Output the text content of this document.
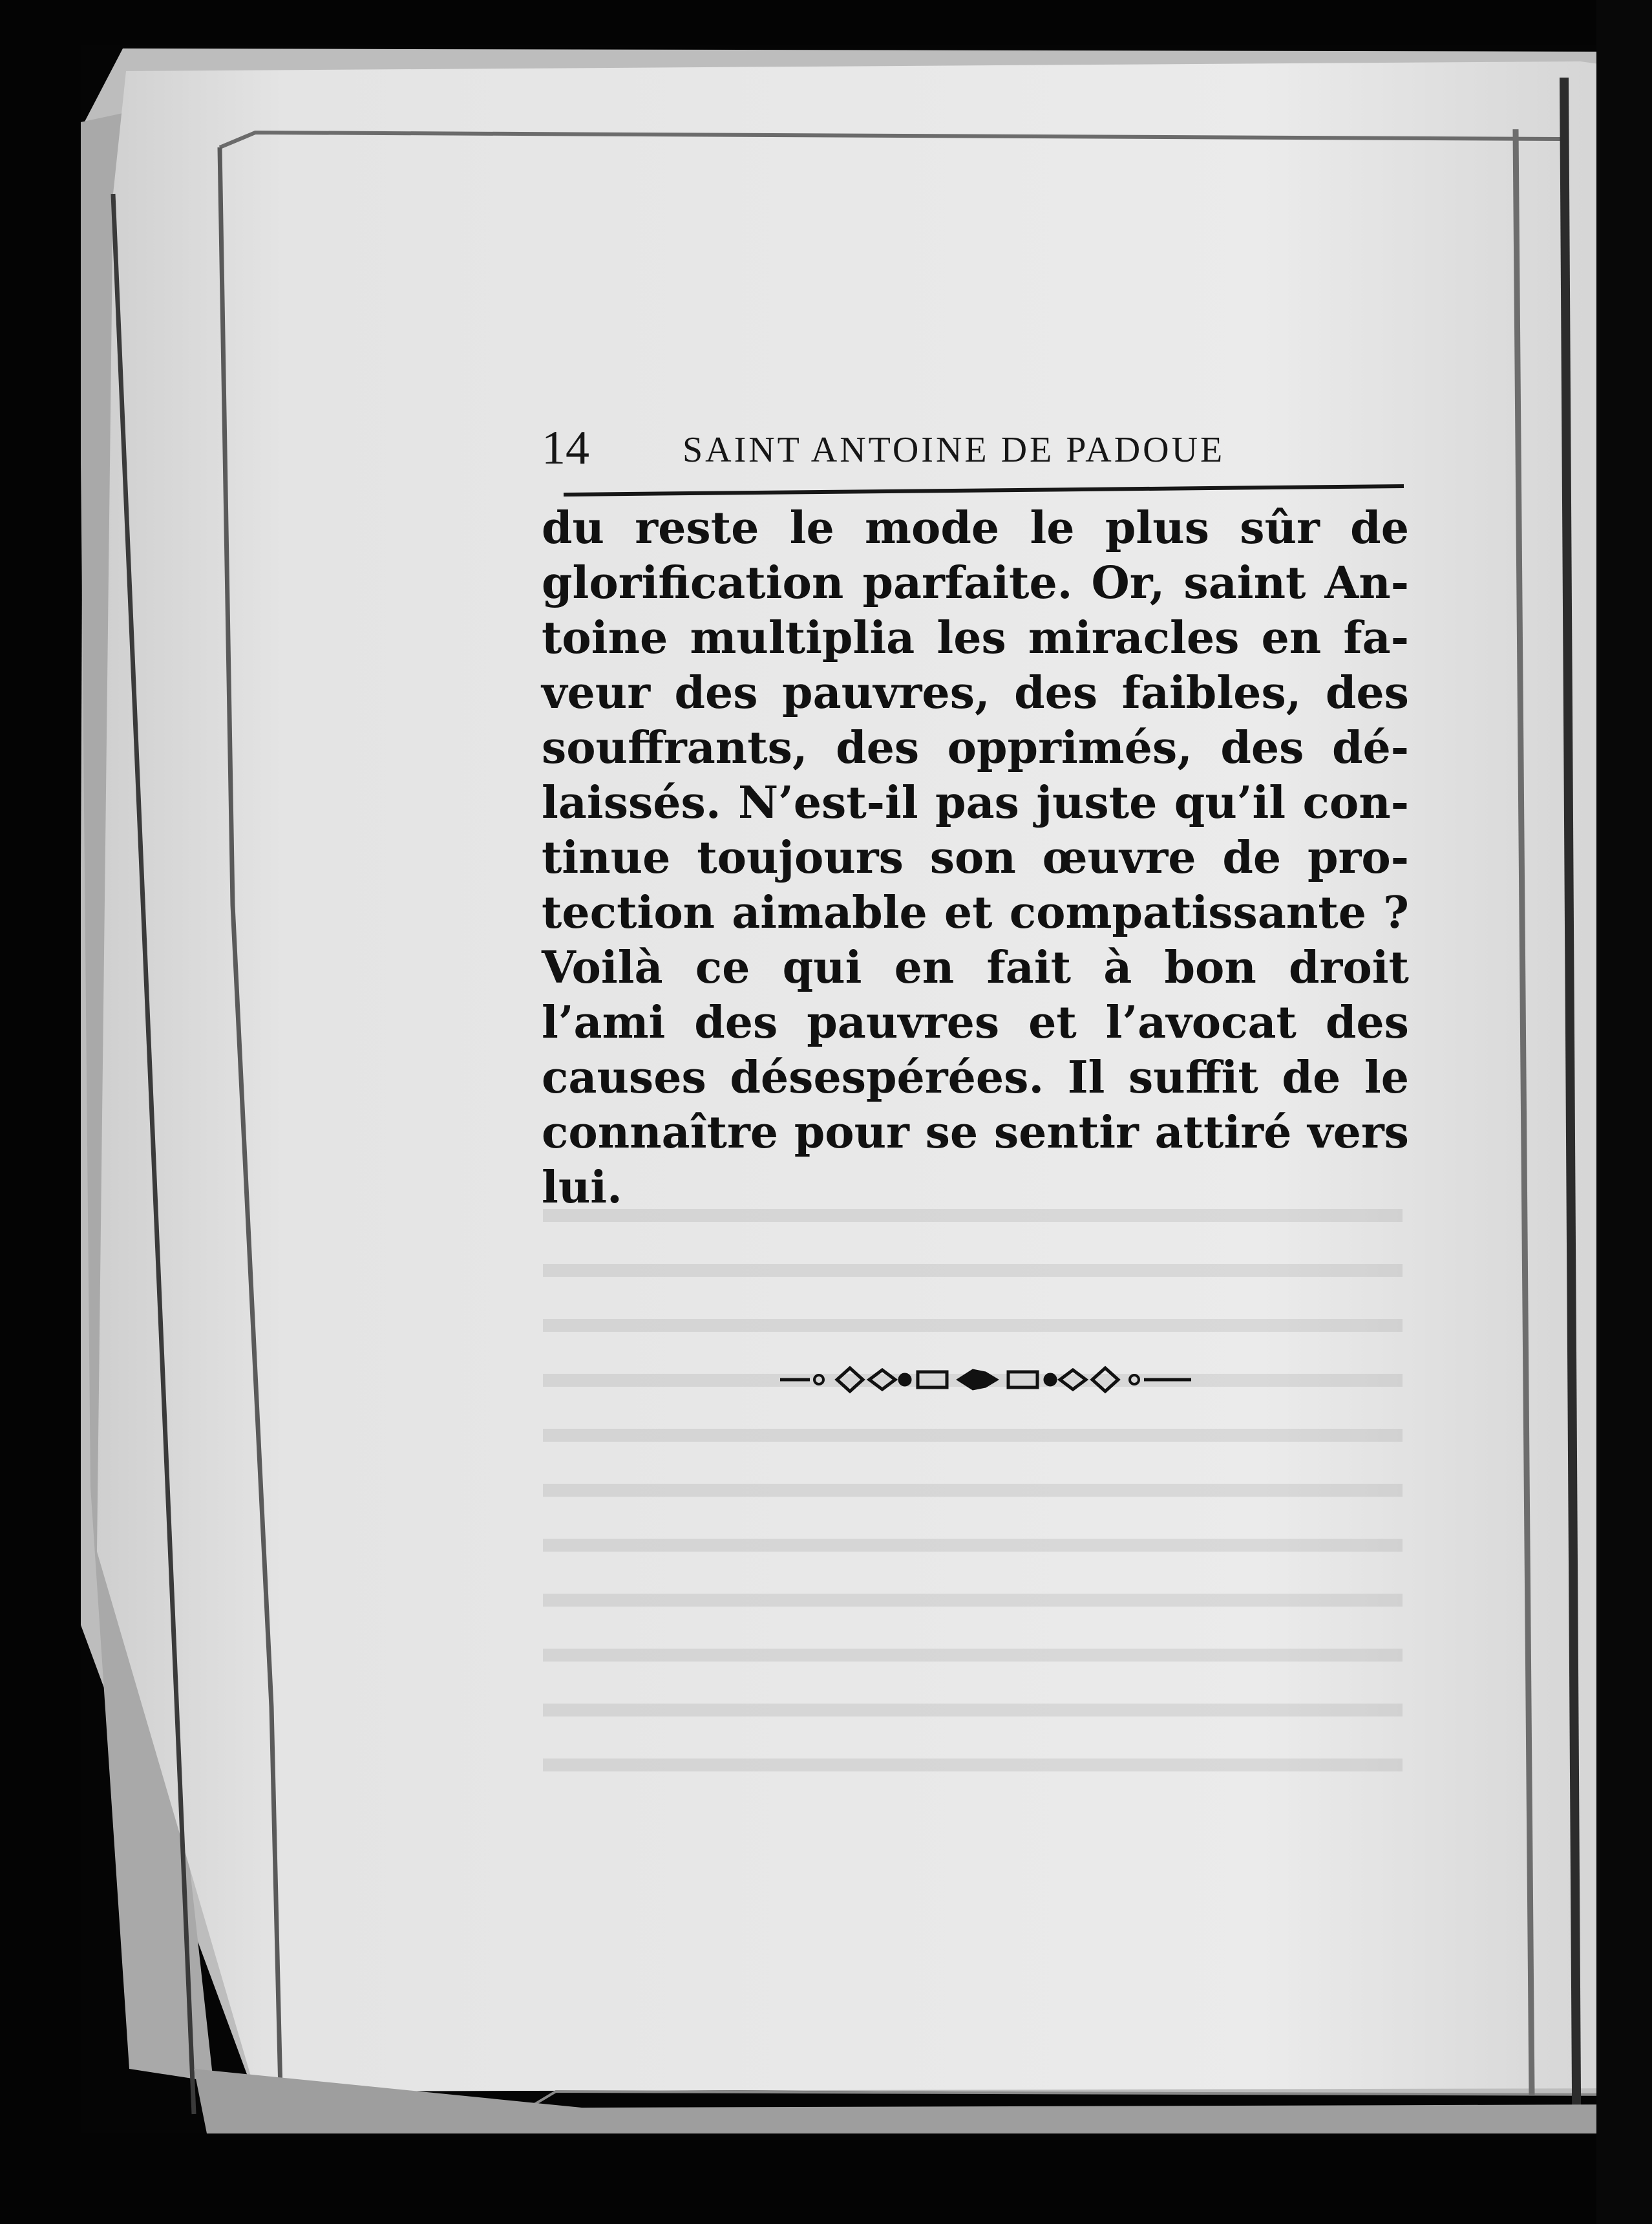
14	SAINT ANTOINE DE PADOUE
du reste le mode le plus sûr de
glorification parfaite. Or, saint An-
toine multiplia les miracles en fa-
veur des pauvres, des faibles, des
souffrants, des opprimés, des dé-
laissés. N’est-il pas juste qu’il con-
tinue toujours son œuvre de pro-
tection aimable et compatissante ?
Voilà ce qui en fait à bon droit
l’ami des pauvres et l’avocat des
causes désespérées. Il suffit de le
connaître pour se sentir attiré vers
lui.
